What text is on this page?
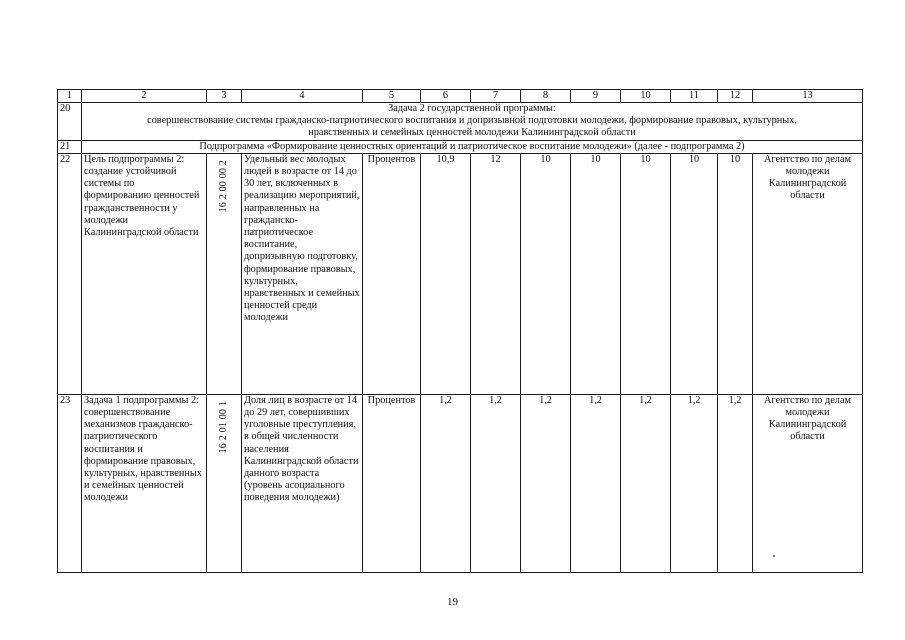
1	2	3	4	5	6	7	8	9	10	11	12	13
20	Задача 2 государственной программы:
совершенствование системы гражданско-патриотического воспитания и допризывной подготовки молодежи, формирование правовых, культурных,
нравственных и семейных ценностей молодежи Калининградской области											

21	Подпрограмма «Формирование ценностных ориентаций и патриотическое воспитание молодежи» (далее - подпрограмма 2)											
22	Цель подпрограммы 2: создание устойчивой системы по формированию ценностей гражданственности у молодежи Калининградской области	16 2 00 00 2	Удельный вес молодых людей в возрасте от 14 до 30 лет, включенных в реализацию мероприятий, направленных на гражданско-патриотическое воспитание, допризывную подготовку, формирование правовых, культурных, нравственных и семейных ценностей среди молодежи	Процентов	10,9	12	10	10	10	10	10	Агентство по делам молодежи Калининградской области
23	Задача 1 подпрограммы 2: совершенствование механизмов гражданско-патриотического воспитания и формирование правовых, культурных, нравственных и семейных ценностей молодежи	16 2 01 00 1	Доля лиц в возрасте от 14 до 29 лет, совершивших уголовные преступления, в общей численности населения Калининградской области данного возраста (уровень асоциального поведения молодежи)	Процентов	1,2	1,2	1,2	1,2	1,2	1,2	1,2	Агентство по делам молодежи Калининградской области
19
